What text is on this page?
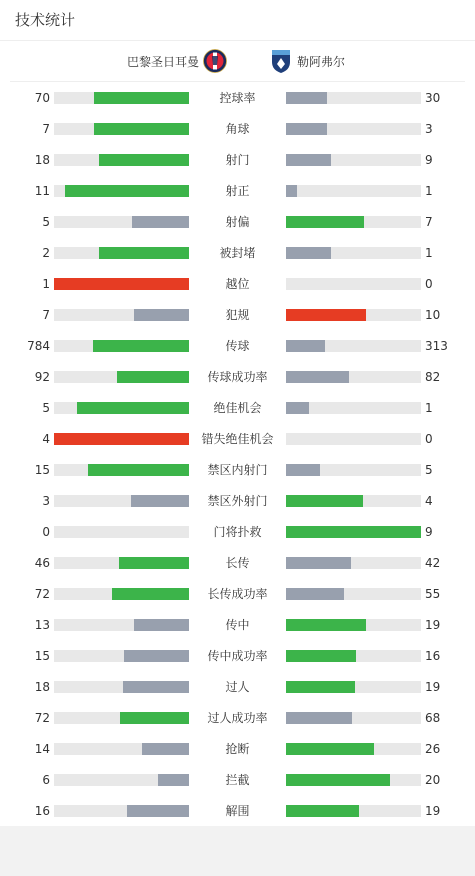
技术统计
巴黎圣日耳曼	勒阿弗尔
70	控球率	30
7	角球	3
18	射门	9
11	射正	1
5	射偏	7
2	被封堵	1
1	越位	0
7	犯规	10
784	传球	313
92	传球成功率	82
5	绝佳机会	1
4	错失绝佳机会	0
15	禁区内射门	5
3	禁区外射门	4
0	门将扑救	9
46	长传	42
72	长传成功率	55
13	传中	19
15	传中成功率	16
18	过人	19
72	过人成功率	68
14	抢断	26
6	拦截	20
16	解围	19
